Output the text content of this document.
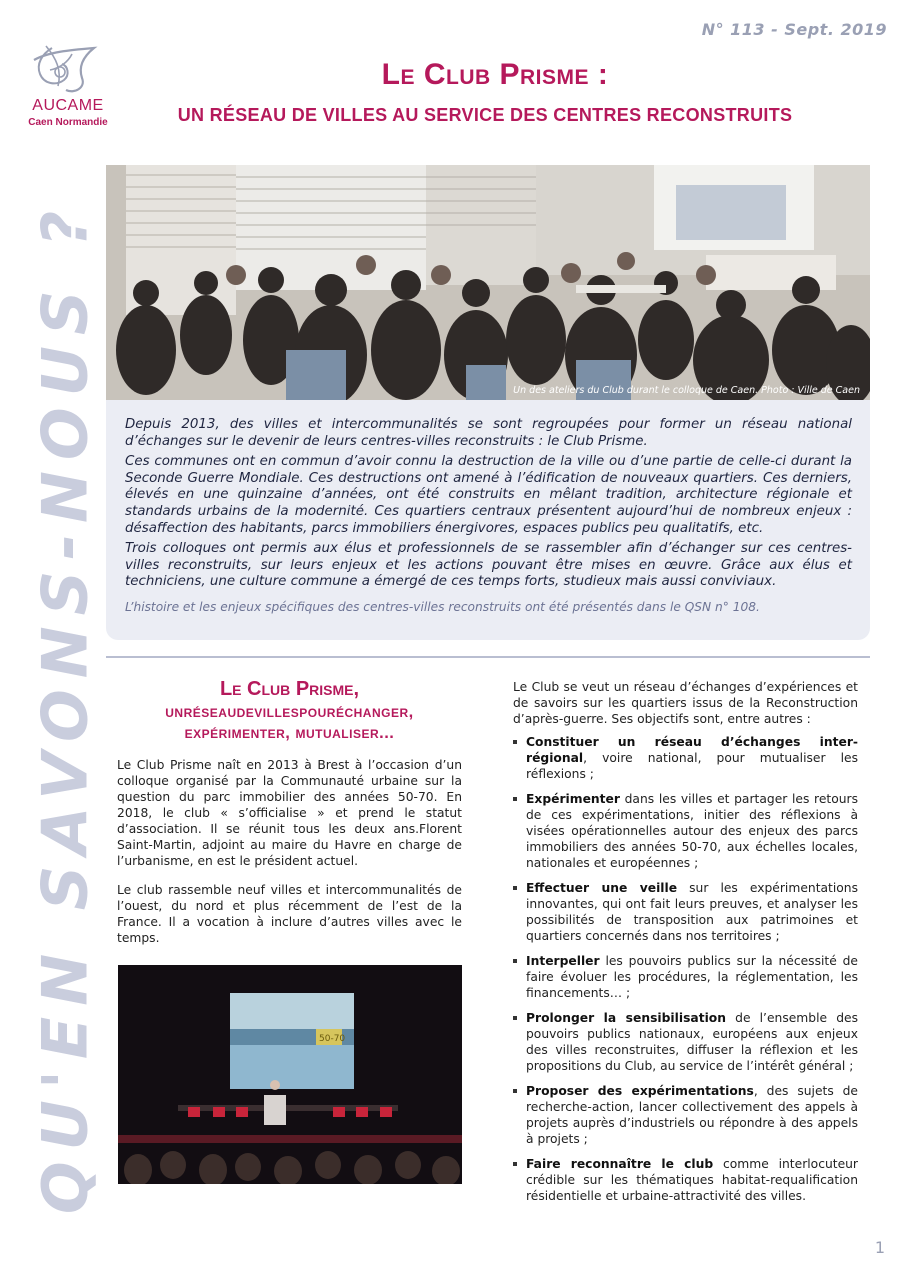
N° 113 - Sept. 2019
AUCAME
Caen Normandie
Le Club Prisme :
UN RÉSEAU DE VILLES AU SERVICE DES CENTRES RECONSTRUITS
QU'EN SAVONS-NOUS ?	Un des ateliers du Club durant le colloque de Caen. Photo : Ville de Caen

Depuis 2013, des villes et intercommunalités se sont regroupées pour former un réseau national d’échanges sur le devenir de leurs centres-villes reconstruits : le Club Prisme.

Ces communes ont en commun d’avoir connu la destruction de la ville ou d’une partie de celle-ci durant la Seconde Guerre Mondiale. Ces destructions ont amené à l’édification de nouveaux quartiers. Ces derniers, élevés en une quinzaine d’années, ont été construits en mêlant tradition, architecture régionale et standards urbains de la modernité. Ces quartiers centraux présentent aujourd’hui de nombreux enjeux : désaffection des habitants, parcs immobiliers énergivores, espaces publics peu qualitatifs, etc.

Trois colloques ont permis aux élus et professionnels de se rassembler afin d’échanger sur ces centres-villes reconstruits, sur leurs enjeux et les actions pouvant être mises en œuvre. Grâce aux élus et techniciens, une culture commune a émergé de ces temps forts, studieux mais aussi conviviaux.

L’histoire et les enjeux spécifiques des centres-villes reconstruits ont été présentés dans le QSN n° 108.

Le Club Prisme,
unréseaudevillespouréchanger, expérimenter, mutualiser...

Le Club Prisme naît en 2013 à Brest à l’occasion d’un colloque organisé par la Communauté urbaine sur la question du parc immobilier des années 50-70. En 2018, le club « s’officialise » et prend le statut d’association. Il se réunit tous les deux ans.Florent Saint-Martin, adjoint au maire du Havre en charge de l’urbanisme, en est le président actuel.

Le club rassemble neuf villes et intercommunalités de l’ouest, du nord et plus récemment de l’est de la France. Il a vocation à inclure d’autres villes avec le temps.

50-70

Le Club se veut un réseau d’échanges d’expériences et de savoirs sur les quartiers issus de la Reconstruction d’après-guerre. Ses objectifs sont, entre autres :

Constituer un réseau d’échanges inter-régional, voire national, pour mutualiser les réflexions ;
Expérimenter dans les villes et partager les retours de ces expérimentations, initier des réflexions à visées opérationnelles autour des enjeux des parcs immobiliers des années 50-70, aux échelles locales, nationales et européennes ;
Effectuer une veille sur les expérimentations innovantes, qui ont fait leurs preuves, et analyser les possibilités de transposition aux patrimoines et quartiers concernés dans nos territoires ;
Interpeller les pouvoirs publics sur la nécessité de faire évoluer les procédures, la réglementation, les financements… ;
Prolonger la sensibilisation de l’ensemble des pouvoirs publics nationaux, européens aux enjeux des villes reconstruites, diffuser la réflexion et les propositions du Club, au service de l’intérêt général ;
Proposer des expérimentations, des sujets de recherche-action, lancer collectivement des appels à projets auprès d’industriels ou répondre à des appels à projets ;
Faire reconnaître le club comme interlocuteur crédible sur les thématiques habitat-requalification résidentielle et urbaine-attractivité des villes.
1
